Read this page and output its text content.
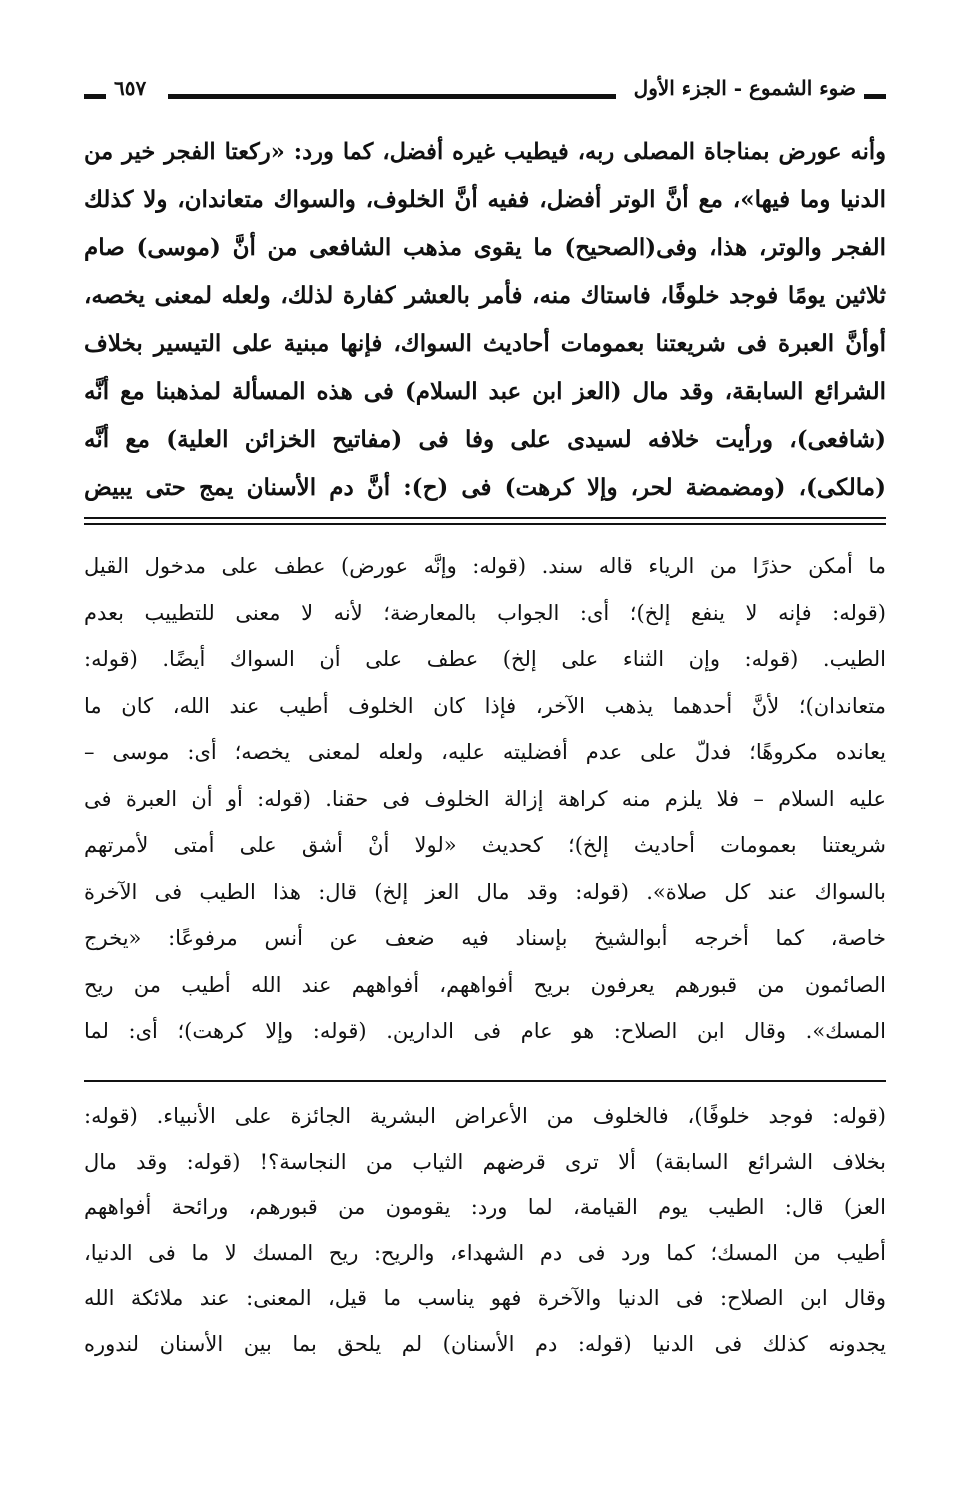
ضوء الشموع - الجزء الأول
٦٥٧
وأنه عورض بمناجاة المصلى ربه، فيطيب غيره أفضل، كما ورد: «ركعتا الفجر خير من
الدنيا وما فيها»، مع أنَّ الوتر أفضل، ففيه أنَّ الخلوف، والسواك متعاندان، ولا كذلك
الفجر والوتر، هذا، وفى(الصحيح) ما يقوى مذهب الشافعى من أنَّ (موسى) صام
ثلاثين يومًا فوجد خلوفًا، فاستاك منه، فأمر بالعشر كفارة لذلك، ولعله لمعنى يخصه،
أوأنَّ العبرة فى شريعتنا بعمومات أحاديث السواك، فإنها مبنية على التيسير بخلاف
الشرائع السابقة، وقد مال (العز ابن عبد السلام) فى هذه المسألة لمذهبنا مع أنَّه
(شافعى)، ورأيت خلافه لسيدى على وفا فى (مفاتيح الخزائن العلية) مع أنَّه
(مالكى)، (ومضمضة لحر، وإلا كرهت) فى (ح): أنَّ دم الأسنان يمج حتى يبيض
ما أمكن حذرًا من الرياء قاله سند. (قوله: وإنَّه عورض) عطف على مدخول القيل
(قوله: فإنه لا ينفع إلخ)؛ أى: الجواب بالمعارضة؛ لأنه لا معنى للتطييب بعدم
الطيب. (قوله: وإن الثناء على إلخ) عطف على أن السواك أيضًا. (قوله:
متعاندان)؛ لأنَّ أحدهما يذهب الآخر، فإذا كان الخلوف أطيب عند الله، كان ما
يعانده مكروهًا؛ فدلّ على عدم أفضليته عليه، ولعله لمعنى يخصه؛ أى: موسى –
عليه السلام – فلا يلزم منه كراهة إزالة الخلوف فى حقنا. (قوله: أو أن العبرة فى
شريعتنا بعمومات أحاديث إلخ)؛ كحديث «لولا أنْ أشق على أمتى لأمرتهم
بالسواك عند كل صلاة». (قوله: وقد مال العز إلخ) قال: هذا الطيب فى الآخرة
خاصة، كما أخرجه أبوالشيخ بإسناد فيه ضعف عن أنس مرفوعًا: «يخرج
الصائمون من قبورهم يعرفون بريح أفواههم، أفواههم عند الله أطيب من ريح
المسك». وقال ابن الصلاح: هو عام فى الدارين. (قوله: وإلا كرهت)؛ أى: لما
(قوله: فوجد خلوفًا)، فالخلوف من الأعراض البشرية الجائزة على الأنبياء. (قوله:
بخلاف الشرائع السابقة) ألا ترى قرضهم الثياب من النجاسة؟! (قوله: وقد مال
العز) قال: الطيب يوم القيامة، لما ورد: يقومون من قبورهم، ورائحة أفواههم
أطيب من المسك؛ كما ورد فى دم الشهداء، والريح: ريح المسك لا ما فى الدنيا،
وقال ابن الصلاح: فى الدنيا والآخرة فهو يناسب ما قيل، المعنى: عند ملائكة الله
يجدونه كذلك فى الدنيا (قوله: دم الأسنان) لم يلحق بما بين الأسنان لندوره
